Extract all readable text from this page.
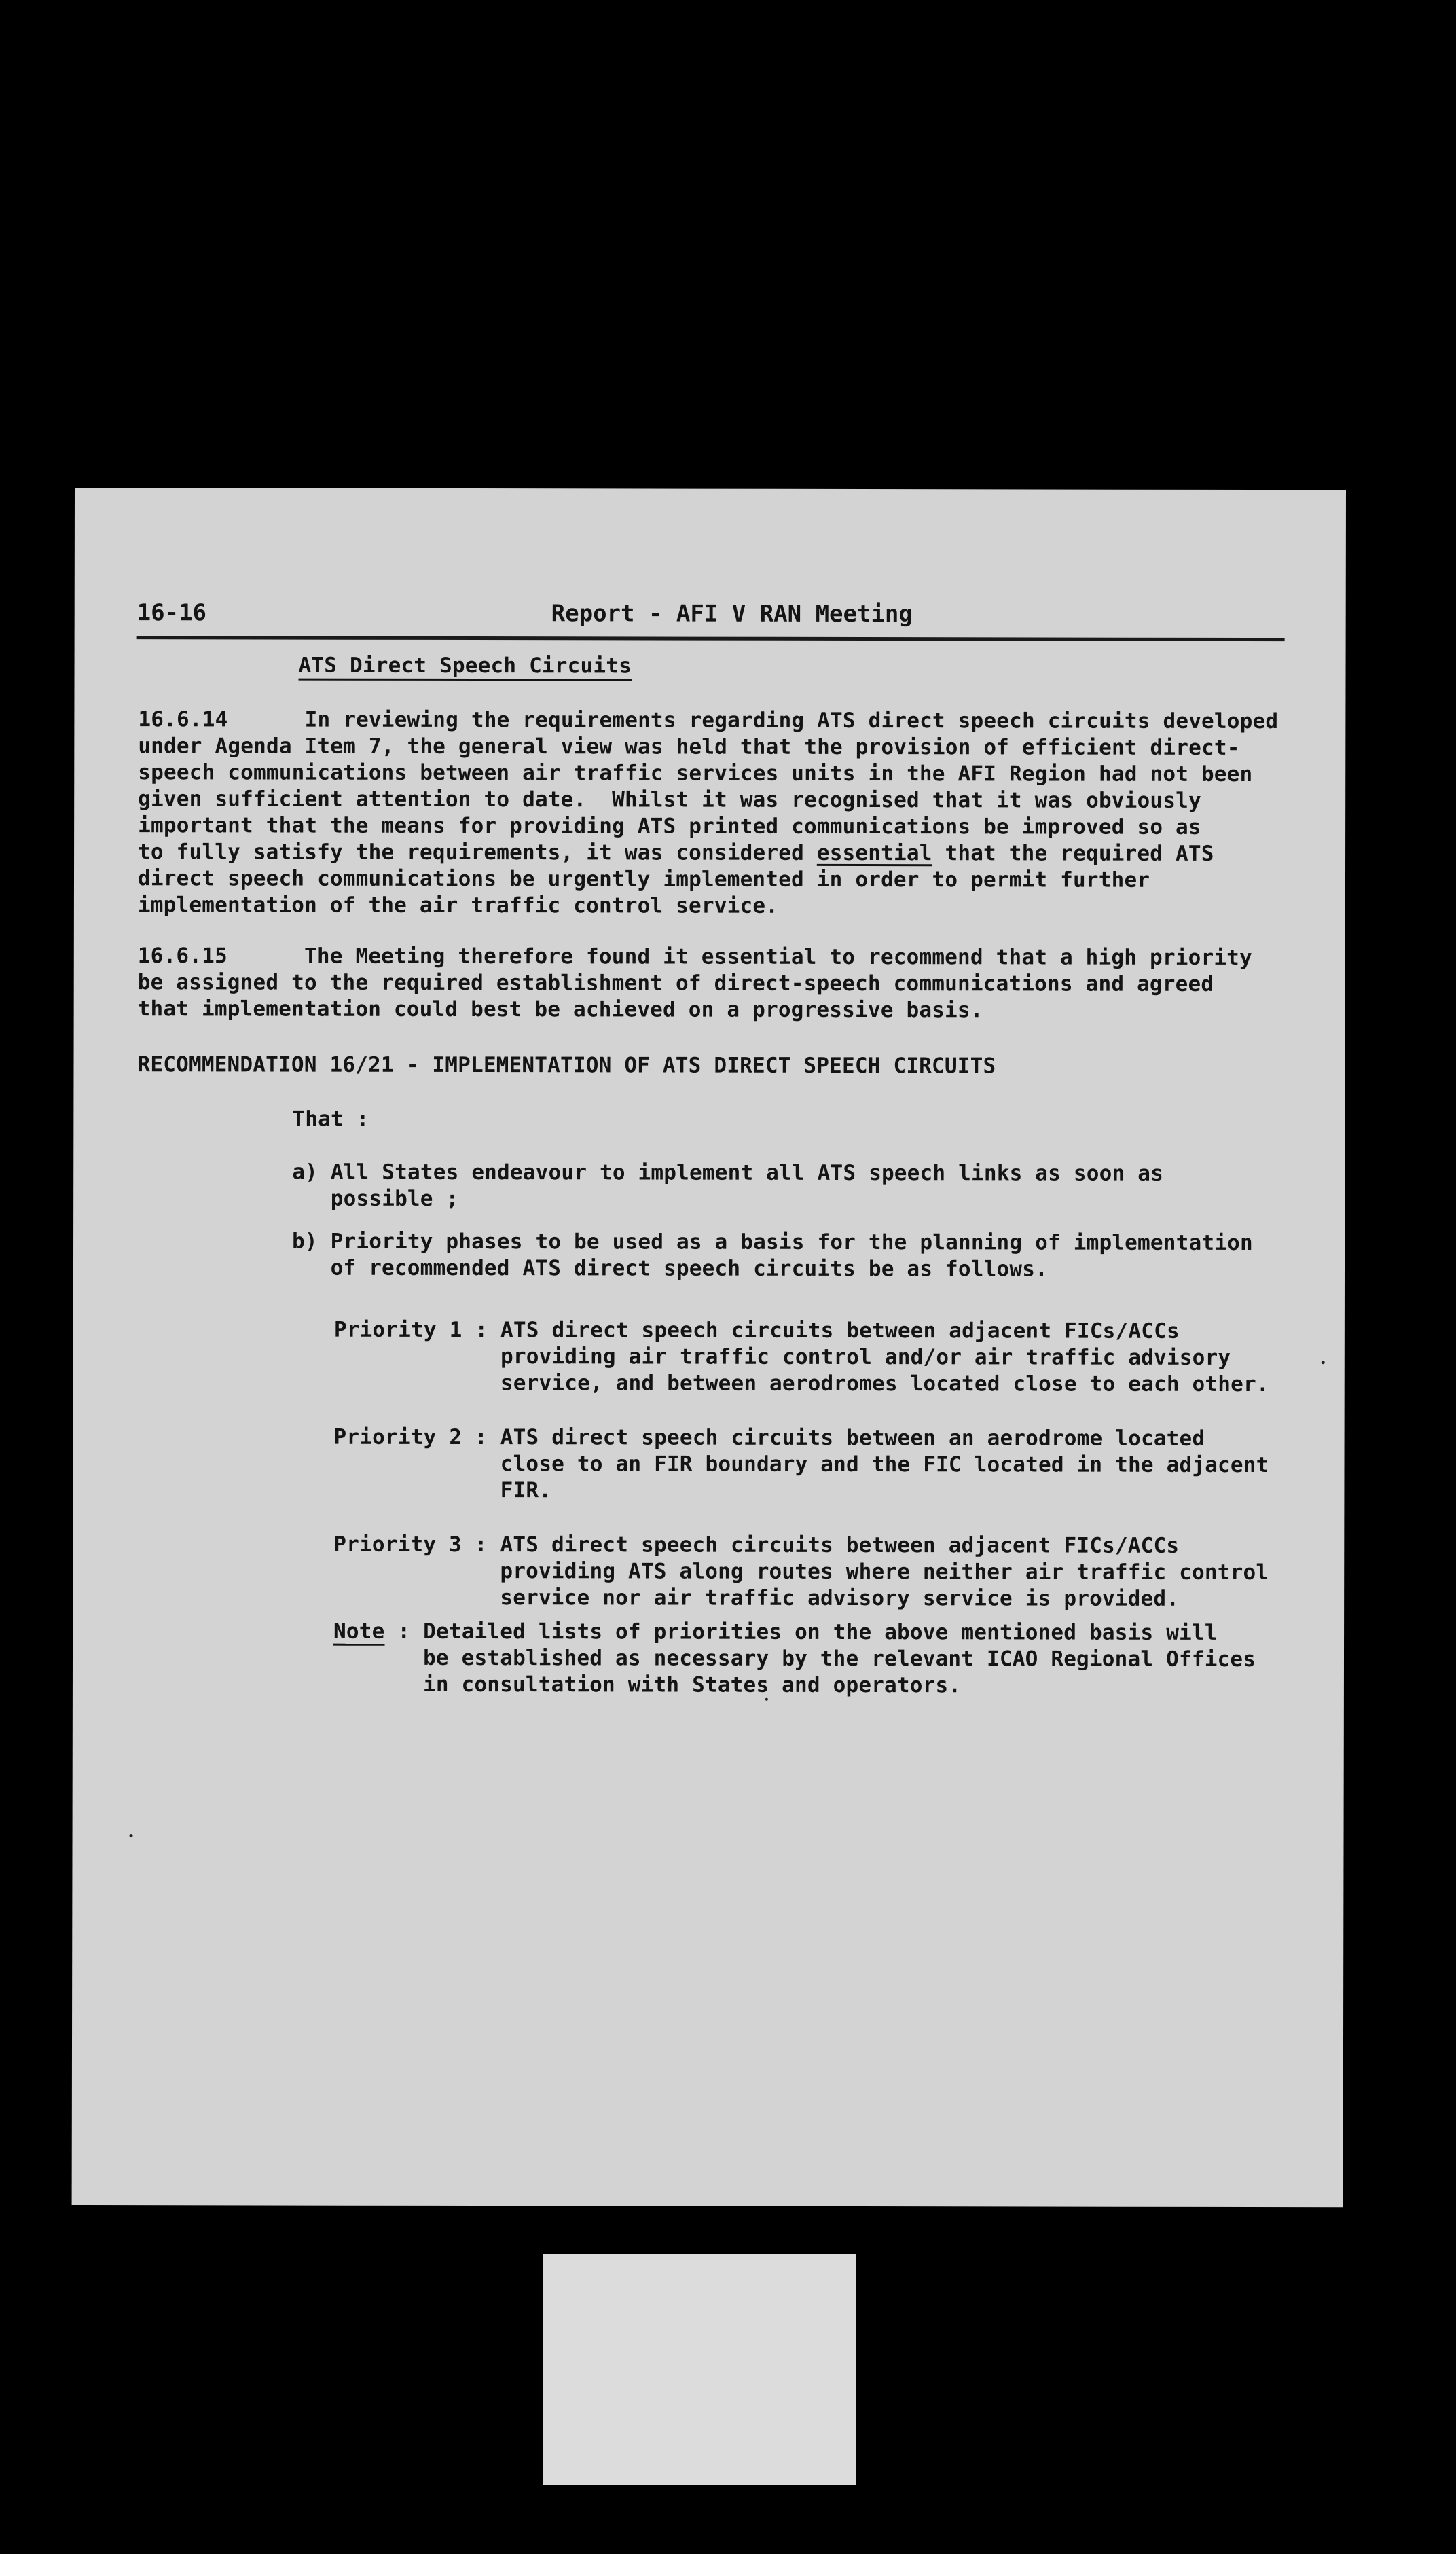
16-16	Report - AFI V RAN Meeting
ATS Direct Speech Circuits
16.6.14      In reviewing the requirements regarding ATS direct speech circuits developed
under Agenda Item 7, the general view was held that the provision of efficient direct-
speech communications between air traffic services units in the AFI Region had not been
given sufficient attention to date.  Whilst it was recognised that it was obviously
important that the means for providing ATS printed communications be improved so as
to fully satisfy the requirements, it was considered essential that the required ATS
direct speech communications be urgently implemented in order to permit further
implementation of the air traffic control service.
16.6.15      The Meeting therefore found it essential to recommend that a high priority
be assigned to the required establishment of direct-speech communications and agreed
that implementation could best be achieved on a progressive basis.
RECOMMENDATION 16/21 - IMPLEMENTATION OF ATS DIRECT SPEECH CIRCUITS
That :
a) All States endeavour to implement all ATS speech links as soon as
possible ;
b) Priority phases to be used as a basis for the planning of implementation
of recommended ATS direct speech circuits be as follows.
Priority 1 : ATS direct speech circuits between adjacent FICs/ACCs
providing air traffic control and/or air traffic advisory
service, and between aerodromes located close to each other.
Priority 2 : ATS direct speech circuits between an aerodrome located
close to an FIR boundary and the FIC located in the adjacent
FIR.
Priority 3 : ATS direct speech circuits between adjacent FICs/ACCs
providing ATS along routes where neither air traffic control
service nor air traffic advisory service is provided.
Note : Detailed lists of priorities on the above mentioned basis will
be established as necessary by the relevant ICAO Regional Offices
in consultation with States and operators.
